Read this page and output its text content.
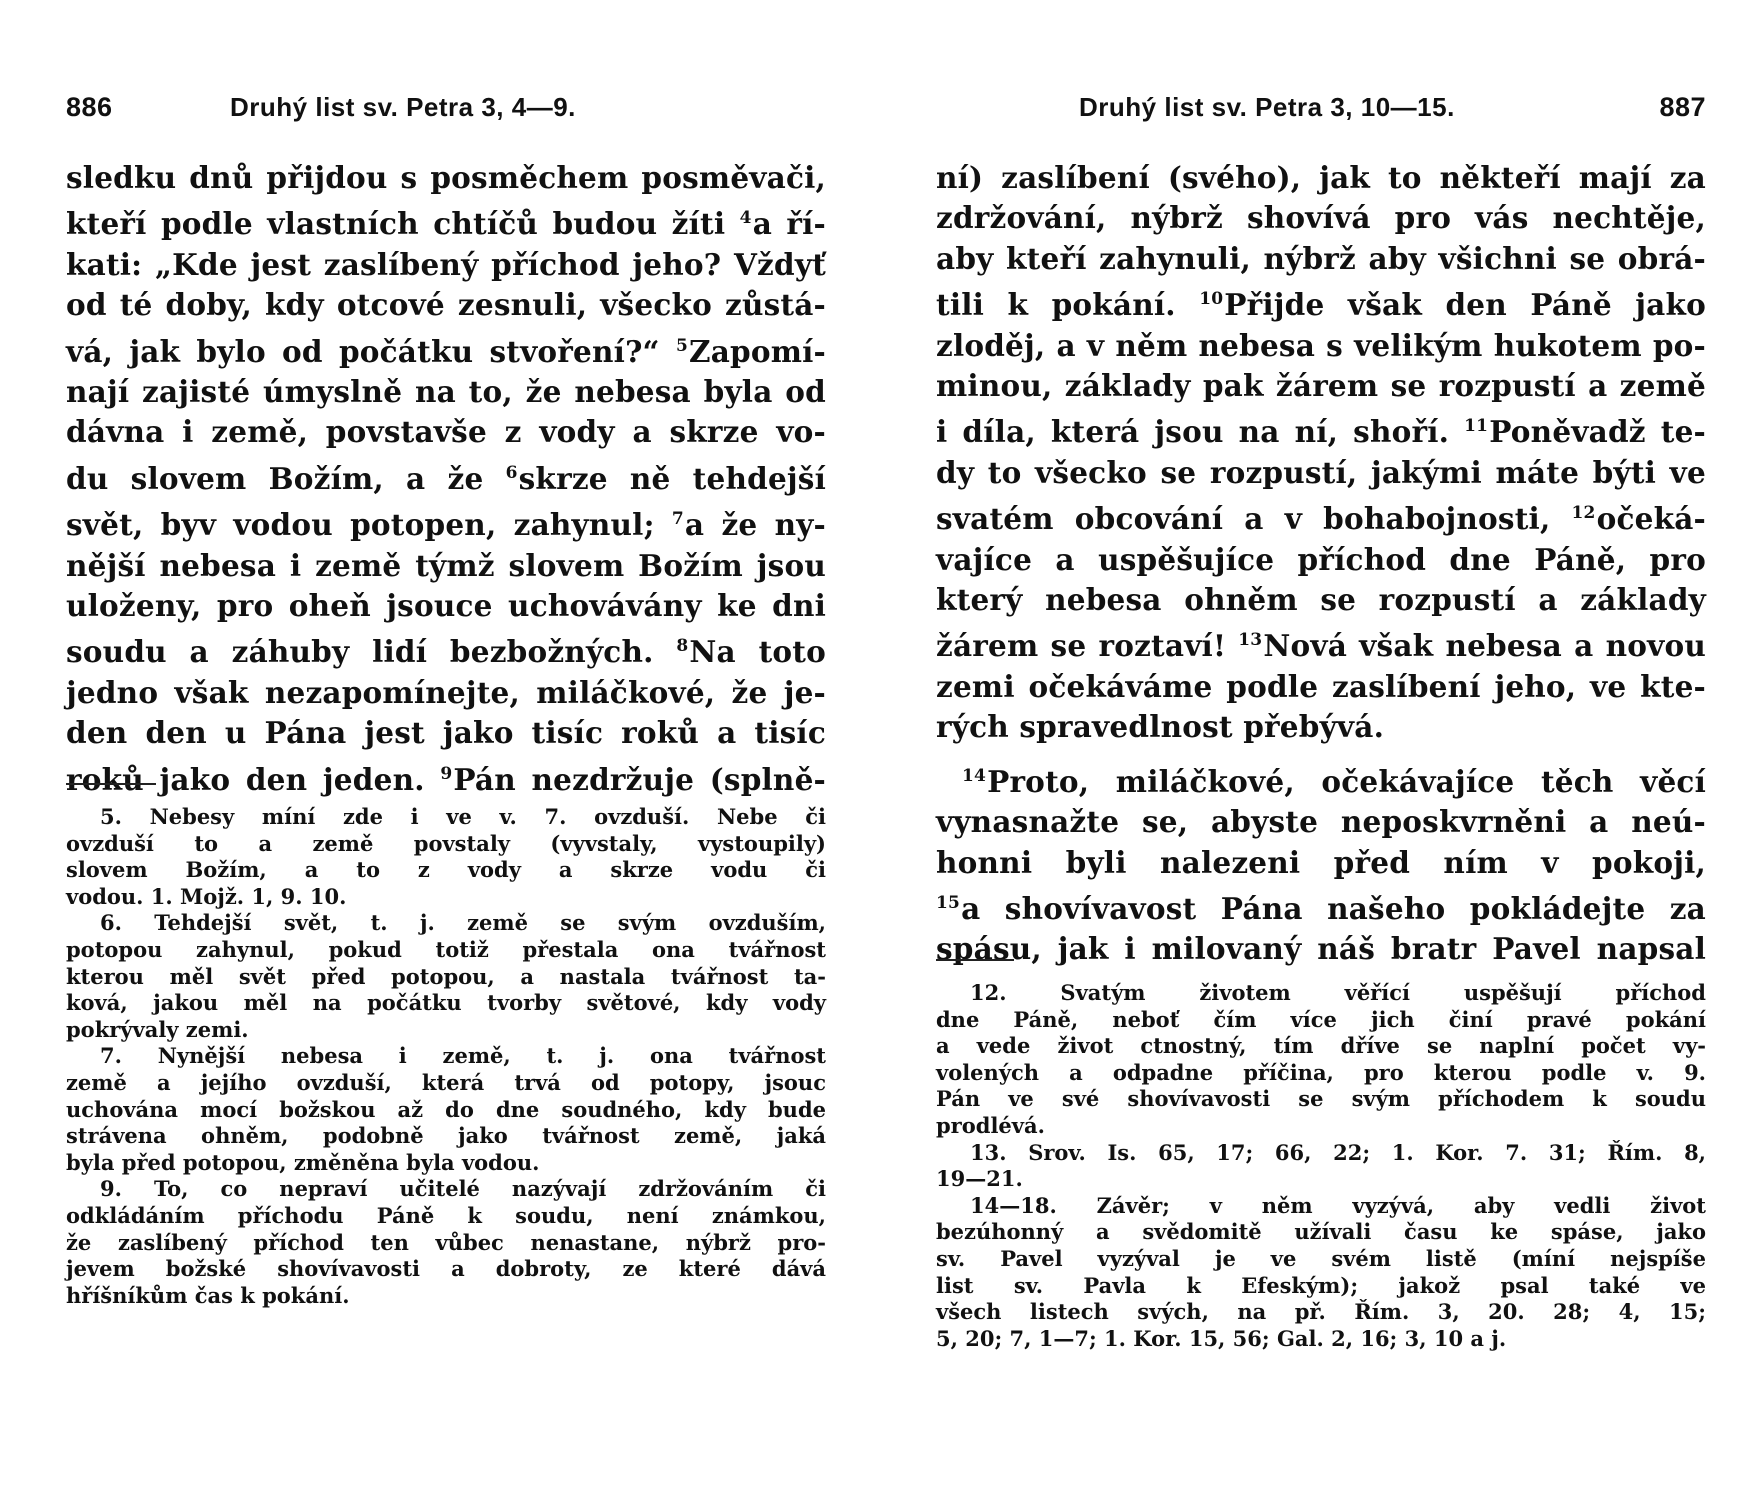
886	Druhý list sv. Petra 3, 4—9.
sledku dnů přijdou s posměchem posměvači,
kteří podle vlastních chtíčů budou žíti $^4$a ří-
kati: „Kde jest zaslíbený příchod jeho? Vždyť
od té doby, kdy otcové zesnuli, všecko zůstá-
vá, jak bylo od počátku stvoření?“ $^5$Zapomí-
nají zajisté úmyslně na to, že nebesa byla od
dávna i země, povstavše z vody a skrze vo-
du slovem Božím, a že $^6$skrze ně tehdejší
svět, byv vodou potopen, zahynul; $^7$a že ny-
nější nebesa i země týmž slovem Božím jsou
uloženy, pro oheň jsouce uchovávány ke dni
soudu a záhuby lidí bezbožných. $^8$Na toto
jedno však nezapomínejte, miláčkové, že je-
den den u Pána jest jako tisíc roků a tisíc
roků jako den jeden. $^9$Pán nezdržuje (splně-
5. Nebesy míní zde i ve v. 7. ovzduší. Nebe či
ovzduší to a země povstaly (vyvstaly, vystoupily)
slovem Božím, a to z vody a skrze vodu či
vodou. 1. Mojž. 1, 9. 10.
6. Tehdejší svět, t. j. země se svým ovzduším,
potopou zahynul, pokud totiž přestala ona tvářnost
kterou měl svět před potopou, a nastala tvářnost ta-
ková, jakou měl na počátku tvorby světové, kdy vody
pokrývaly zemi.
7. Nynější nebesa i země, t. j. ona tvářnost
země a jejího ovzduší, která trvá od potopy, jsouc
uchována mocí božskou až do dne soudného, kdy bude
strávena ohněm, podobně jako tvářnost země, jaká
byla před potopou, změněna byla vodou.
9. To, co nepraví učitelé nazývají zdržováním či
odkládáním příchodu Páně k soudu, není známkou,
že zaslíbený příchod ten vůbec nenastane, nýbrž pro-
jevem božské shovívavosti a dobroty, ze které dává
hříšníkům čas k pokání.
Druhý list sv. Petra 3, 10—15.	887
ní) zaslíbení (svého), jak to někteří mají za
zdržování, nýbrž shovívá pro vás nechtěje,
aby kteří zahynuli, nýbrž aby všichni se obrá-
tili k pokání. $^{10}$Přijde však den Páně jako
zloděj, a v něm nebesa s velikým hukotem po-
minou, základy pak žárem se rozpustí a země
i díla, která jsou na ní, shoří. $^{11}$Poněvadž te-
dy to všecko se rozpustí, jakými máte býti ve
svatém obcování a v bohabojnosti, $^{12}$očeká-
vajíce a uspěšujíce příchod dne Páně, pro
který nebesa ohněm se rozpustí a základy
žárem se roztaví! $^{13}$Nová však nebesa a novou
zemi očekáváme podle zaslíbení jeho, ve kte-
rých spravedlnost přebývá.
$^{14}$Proto, miláčkové, očekávajíce těch věcí
vynasnažte se, abyste neposkvrněni a neú-
honni byli nalezeni před ním v pokoji,
$^{15}$a shovívavost Pána našeho pokládejte za
spásu, jak i milovaný náš bratr Pavel napsal
12. Svatým životem věřící uspěšují příchod
dne Páně, neboť čím více jich činí pravé pokání
a vede život ctnostný, tím dříve se naplní počet vy-
volených a odpadne příčina, pro kterou podle v. 9.
Pán ve své shovívavosti se svým příchodem k soudu
prodlévá.
13. Srov. Is. 65, 17; 66, 22; 1. Kor. 7. 31; Řím. 8,
19—21.
14—18. Závěr; v něm vyzývá, aby vedli život
bezúhonný a svědomitě užívali času ke spáse, jako
sv. Pavel vyzýval je ve svém listě (míní nejspíše
list sv. Pavla k Efeským); jakož psal také ve
všech listech svých, na př. Řím. 3, 20. 28; 4, 15;
5, 20; 7, 1—7; 1. Kor. 15, 56; Gal. 2, 16; 3, 10 a j.
